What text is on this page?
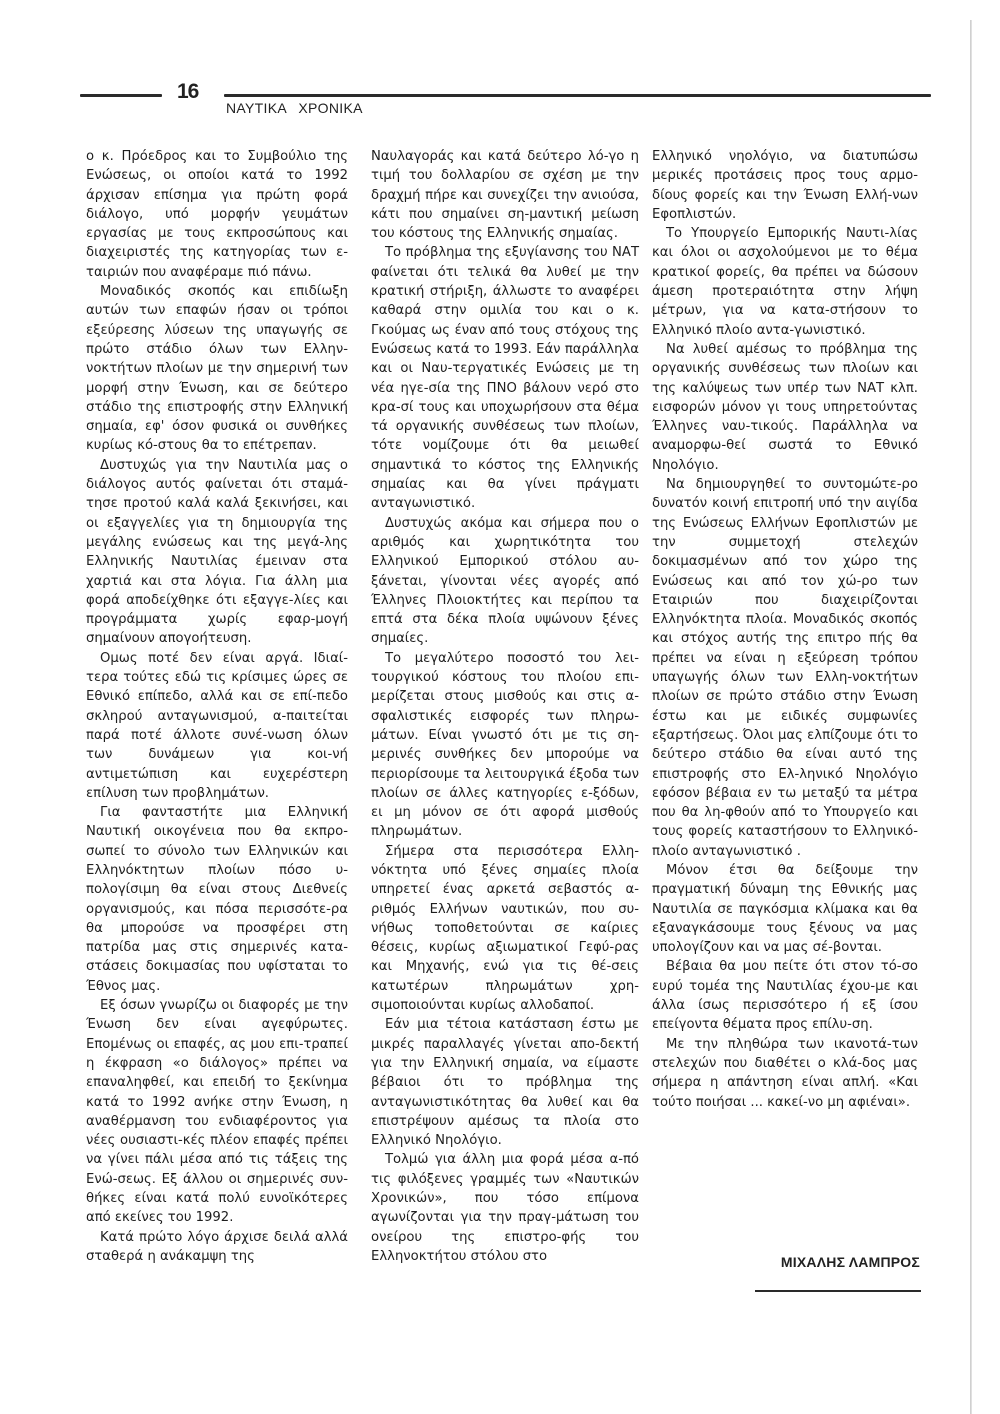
16
ΝΑΥΤΙΚΑ ΧΡΟΝΙΚΑ

ο κ. Πρόεδρος και το Συμβούλιο της Ενώσεως, οι οποίοι κατά το 1992 άρχισαν επίσημα για πρώτη φορά διάλογο, υπό μορφήν γευμάτων εργασίας με τους εκπροσώπους και διαχειριστές της κατηγορίας των ε-ταιριών που αναφέραμε πιό πάνω.

Μοναδικός σκοπός και επιδίωξη αυτών των επαφών ήσαν οι τρόποι εξεύρεσης λύσεων της υπαγωγής σε πρώτο στάδιο όλων των Ελλην-νοκτήτων πλοίων με την σημερινή των μορφή στην Ένωση, και σε δεύτερο στάδιο της επιστροφής στην Ελληνική σημαία, εφ' όσον φυσικά οι συνθήκες κυρίως κό-στους θα το επέτρεπαν.

Δυστυχώς για την Ναυτιλία μας ο διάλογος αυτός φαίνεται ότι σταμά-τησε προτού καλά καλά ξεκινήσει, και οι εξαγγελίες για τη δημιουργία της μεγάλης ενώσεως και της μεγά-λης Ελληνικής Ναυτιλίας έμειναν στα χαρτιά και στα λόγια. Για άλλη μια φορά αποδείχθηκε ότι εξαγγε-λίες και προγράμματα χωρίς εφαρ-μογή σημαίνουν απογοήτευση.

Ομως ποτέ δεν είναι αργά. Ιδιαί-τερα τούτες εδώ τις κρίσιμες ώρες σε Εθνικό επίπεδο, αλλά και σε επί-πεδο σκληρού ανταγωνισμού, α-παιτείται παρά ποτέ άλλοτε συνέ-νωση όλων των δυνάμεων για κοι-νή αντιμετώπιση και ευχερέστερη επίλυση των προβλημάτων.

Για φανταστήτε μια Ελληνική Ναυτική οικογένεια που θα εκπρο-σωπεί το σύνολο των Ελληνικών και Ελληνόκτητων πλοίων πόσο υ-πολογίσιμη θα είναι στους Διεθνείς οργανισμούς, και πόσα περισσότε-ρα θα μπορούσε να προσφέρει στη πατρίδα μας στις σημερινές κατα-στάσεις δοκιμασίας που υφίσταται το Έθνος μας.

Εξ όσων γνωρίζω οι διαφορές με την Ένωση δεν είναι αγεφύρωτες. Επομένως οι επαφές, ας μου επι-τραπεί η έκφραση «ο διάλογος» πρέπει να επαναληφθεί, και επειδή το ξεκίνημα κατά το 1992 ανήκε στην Ένωση, η αναθέρμανση του ενδιαφέροντος για νέες ουσιαστι-κές πλέον επαφές πρέπει να γίνει πάλι μέσα από τις τάξεις της Ενώ-σεως. Εξ άλλου οι σημερινές συν-θήκες είναι κατά πολύ ευνοϊκότερες από εκείνες του 1992.

Κατά πρώτο λόγο άρχισε δειλά αλλά σταθερά η ανάκαμψη της

Ναυλαγοράς και κατά δεύτερο λό-γο η τιμή του δολλαρίου σε σχέση με την δραχμή πήρε και συνεχίζει την ανιούσα, κάτι που σημαίνει ση-μαντική μείωση του κόστους της Ελληνικής σημαίας.

Το πρόβλημα της εξυγίανσης του ΝΑΤ φαίνεται ότι τελικά θα λυθεί με την κρατική στήριξη, άλλωστε το αναφέρει καθαρά στην ομιλία του και ο κ. Γκούμας ως έναν από τους στόχους της Ενώσεως κατά το 1993. Εάν παράλληλα και οι Ναυ-τεργατικές Ενώσεις με τη νέα ηγε-σία της ΠΝΟ βάλουν νερό στο κρα-σί τους και υποχωρήσουν στα θέμα τά οργανικής συνθέσεως των πλοίων, τότε νομίζουμε ότι θα μειωθεί σημαντικά το κόστος της Ελληνικής σημαίας και θα γίνει πράγματι ανταγωνιστικό.

Δυστυχώς ακόμα και σήμερα που ο αριθμός και χωρητικότητα του Ελληνικού Εμπορικού στόλου αυ-ξάνεται, γίνονται νέες αγορές από Έλληνες Πλοιοκτήτες και περίπου τα επτά στα δέκα πλοία υψώνουν ξένες σημαίες.

Το μεγαλύτερο ποσοστό του λει-τουργικού κόστους του πλοίου επι-μερίζεται στους μισθούς και στις α-σφαλιστικές εισφορές των πληρω-μάτων. Είναι γνωστό ότι με τις ση-μερινές συνθήκες δεν μπορούμε να περιορίσουμε τα λειτουργικά έξοδα των πλοίων σε άλλες κατηγορίες ε-ξόδων, ει μη μόνον σε ότι αφορά μισθούς πληρωμάτων.

Σήμερα στα περισσότερα Ελλη-νόκτητα υπό ξένες σημαίες πλοία υπηρετεί ένας αρκετά σεβαστός α-ριθμός Ελλήνων ναυτικών, που συ-νήθως τοποθετούνται σε καίριες θέσεις, κυρίως αξιωματικοί Γεφύ-ρας και Μηχανής, ενώ για τις θέ-σεις κατωτέρων πληρωμάτων χρη-σιμοποιούνται κυρίως αλλοδαποί.

Εάν μια τέτοια κατάσταση έστω με μικρές παραλλαγές γίνεται απο-δεκτή για την Ελληνική σημαία, να είμαστε βέβαιοι ότι το πρόβλημα της ανταγωνιστικότητας θα λυθεί και θα επιστρέψουν αμέσως τα πλοία στο Ελληνικό Νηολόγιο.

Τολμώ για άλλη μια φορά μέσα α-πό τις φιλόξενες γραμμές των «Ναυτικών Χρονικών», που τόσο επίμονα αγωνίζονται για την πραγ-μάτωση του ονείρου της επιστρο-φής του Ελληνοκτήτου στόλου στο

Ελληνικό νηολόγιο, να διατυπώσω μερικές προτάσεις προς τους αρμο-δίους φορείς και την Ένωση Ελλή-νων Εφοπλιστών.

Το Υπουργείο Εμπορικής Ναυτι-λίας και όλοι οι ασχολούμενοι με το θέμα κρατικοί φορείς, θα πρέπει να δώσουν άμεση προτεραιότητα στην λήψη μέτρων, για να κατα-στήσουν το Ελληνικό πλοίο αντα-γωνιστικό.

Να λυθεί αμέσως το πρόβλημα της οργανικής συνθέσεως των πλοίων και της καλύψεως των υπέρ των ΝΑΤ κλπ. εισφορών μόνον γι τους υπηρετούντας Έλληνες ναυ-τικούς. Παράλληλα να αναμορφω-θεί σωστά το Εθνικό Νηολόγιο.

Να δημιουργηθεί το συντομώτε-ρο δυνατόν κοινή επιτροπή υπό την αιγίδα της Ενώσεως Ελλήνων Εφοπλιστών με την συμμετοχή στελεχών δοκιμασμένων από τον χώρο της Ενώσεως και από τον χώ-ρο των Εταιριών που διαχειρίζονται Ελληνόκτητα πλοία. Μοναδικός σκοπός και στόχος αυτής της επιτρο πής θα πρέπει να είναι η εξεύρεση τρόπου υπαγωγής όλων των Ελλη-νοκτήτων πλοίων σε πρώτο στάδιο στην Ένωση έστω και με ειδικές συμφωνίες εξαρτήσεως. Όλοι μας ελπίζουμε ότι το δεύτερο στάδιο θα είναι αυτό της επιστροφής στο Ελ-ληνικό Νηολόγιο εφόσον βέβαια εν τω μεταξύ τα μέτρα που θα λη-φθούν από το Υπουργείο και τους φορείς καταστήσουν το Ελληνικό-πλοίο ανταγωνιστικό .

Μόνον έτσι θα δείξουμε την πραγματική δύναμη της Εθνικής μας Ναυτιλία σε παγκόσμια κλίμακα και θα εξαναγκάσουμε τους ξένους να μας υπολογίζουν και να μας σέ-βονται.

Βέβαια θα μου πείτε ότι στον τό-σο ευρύ τομέα της Ναυτιλίας έχου-με και άλλα ίσως περισσότερο ή εξ ίσου επείγοντα θέματα προς επίλυ-ση.

Με την πληθώρα των ικανοτά-των στελεχών που διαθέτει ο κλά-δος μας σήμερα η απάντηση είναι απλή. «Και τούτο ποιήσαι ... κακεί-νο μη αφιέναι».

ΜΙΧΑΛΗΣ ΛΑΜΠΡΟΣ
